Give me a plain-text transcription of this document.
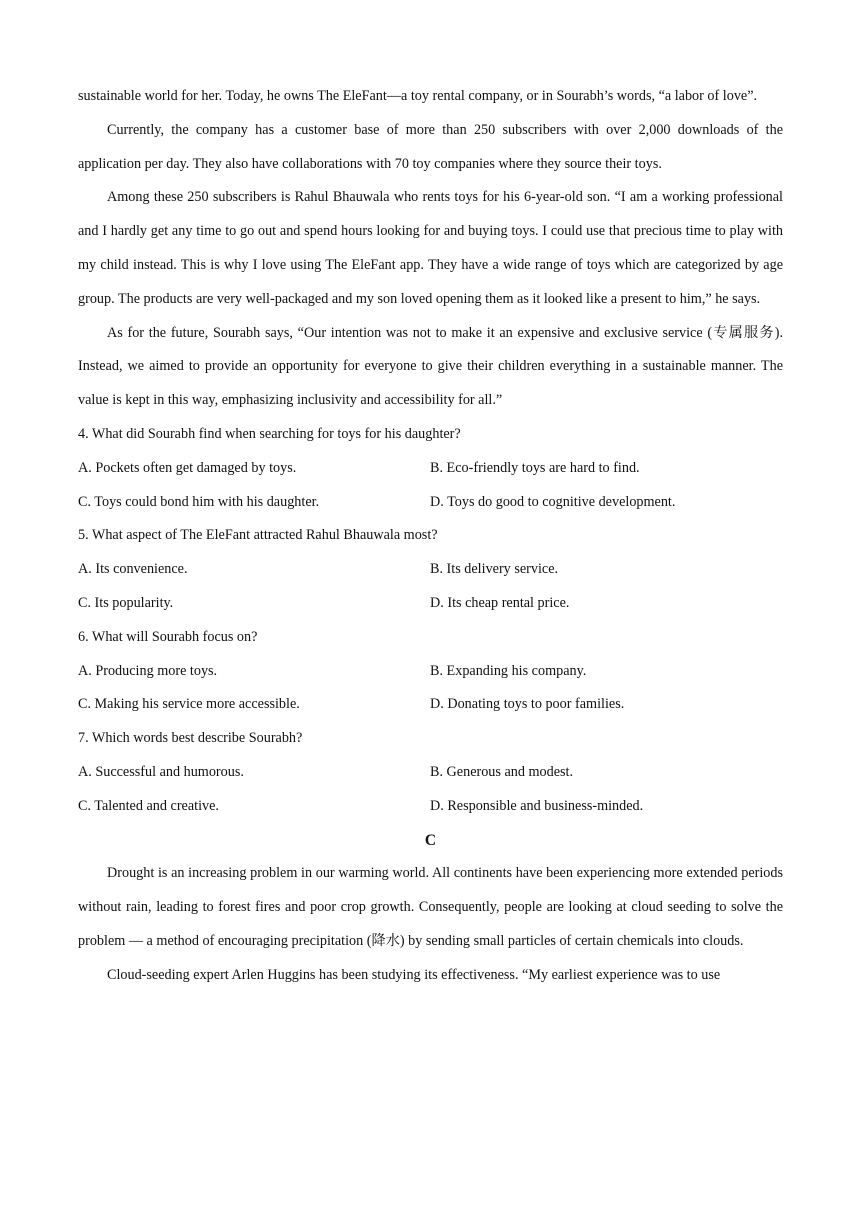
sustainable world for her. Today, he owns The EleFant—a toy rental company, or in Sourabh’s words, “a labor of love”.

Currently, the company has a customer base of more than 250 subscribers with over 2,000 downloads of the application per day. They also have collaborations with 70 toy companies where they source their toys.

Among these 250 subscribers is Rahul Bhauwala who rents toys for his 6-year-old son. “I am a working professional and I hardly get any time to go out and spend hours looking for and buying toys. I could use that precious time to play with my child instead. This is why I love using The EleFant app. They have a wide range of toys which are categorized by age group. The products are very well-packaged and my son loved opening them as it looked like a present to him,” he says.

As for the future, Sourabh says, “Our intention was not to make it an expensive and exclusive service (专属服务). Instead, we aimed to provide an opportunity for everyone to give their children everything in a sustainable manner. The value is kept in this way, emphasizing inclusivity and accessibility for all.”

4. What did Sourabh find when searching for toys for his daughter?

A. Pockets often get damaged by toys.	B. Eco-friendly toys are hard to find.

C. Toys could bond him with his daughter.	D. Toys do good to cognitive development.

5. What aspect of The EleFant attracted Rahul Bhauwala most?

A. Its convenience.	B. Its delivery service.

C. Its popularity.	D. Its cheap rental price.

6. What will Sourabh focus on?

A. Producing more toys.	B. Expanding his company.

C. Making his service more accessible.	D. Donating toys to poor families.

7. Which words best describe Sourabh?

A. Successful and humorous.	B. Generous and modest.

C. Talented and creative.	D. Responsible and business-minded.

C

Drought is an increasing problem in our warming world. All continents have been experiencing more extended periods without rain, leading to forest fires and poor crop growth. Consequently, people are looking at cloud seeding to solve the problem — a method of encouraging precipitation (降水) by sending small particles of certain chemicals into clouds.

Cloud-seeding expert Arlen Huggins has been studying its effectiveness. “My earliest experience was to use
